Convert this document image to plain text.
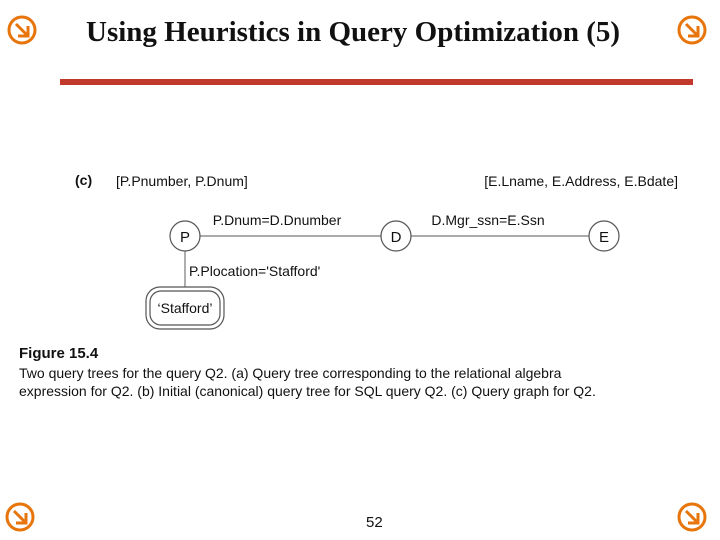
Using Heuristics in Query Optimization (5)
P	D	E
‘Stafford’
P.Dnum=D.Dnumber	D.Mgr_ssn=E.Ssn
P.Plocation='Stafford'
(c) [P.Pnumber, P.Dnum]	[E.Lname, E.Address, E.Bdate]
Figure 15.4
Two query trees for the query Q2. (a) Query tree corresponding to the relational algebra
expression for Q2. (b) Initial (canonical) query tree for SQL query Q2. (c) Query graph for Q2.
52
